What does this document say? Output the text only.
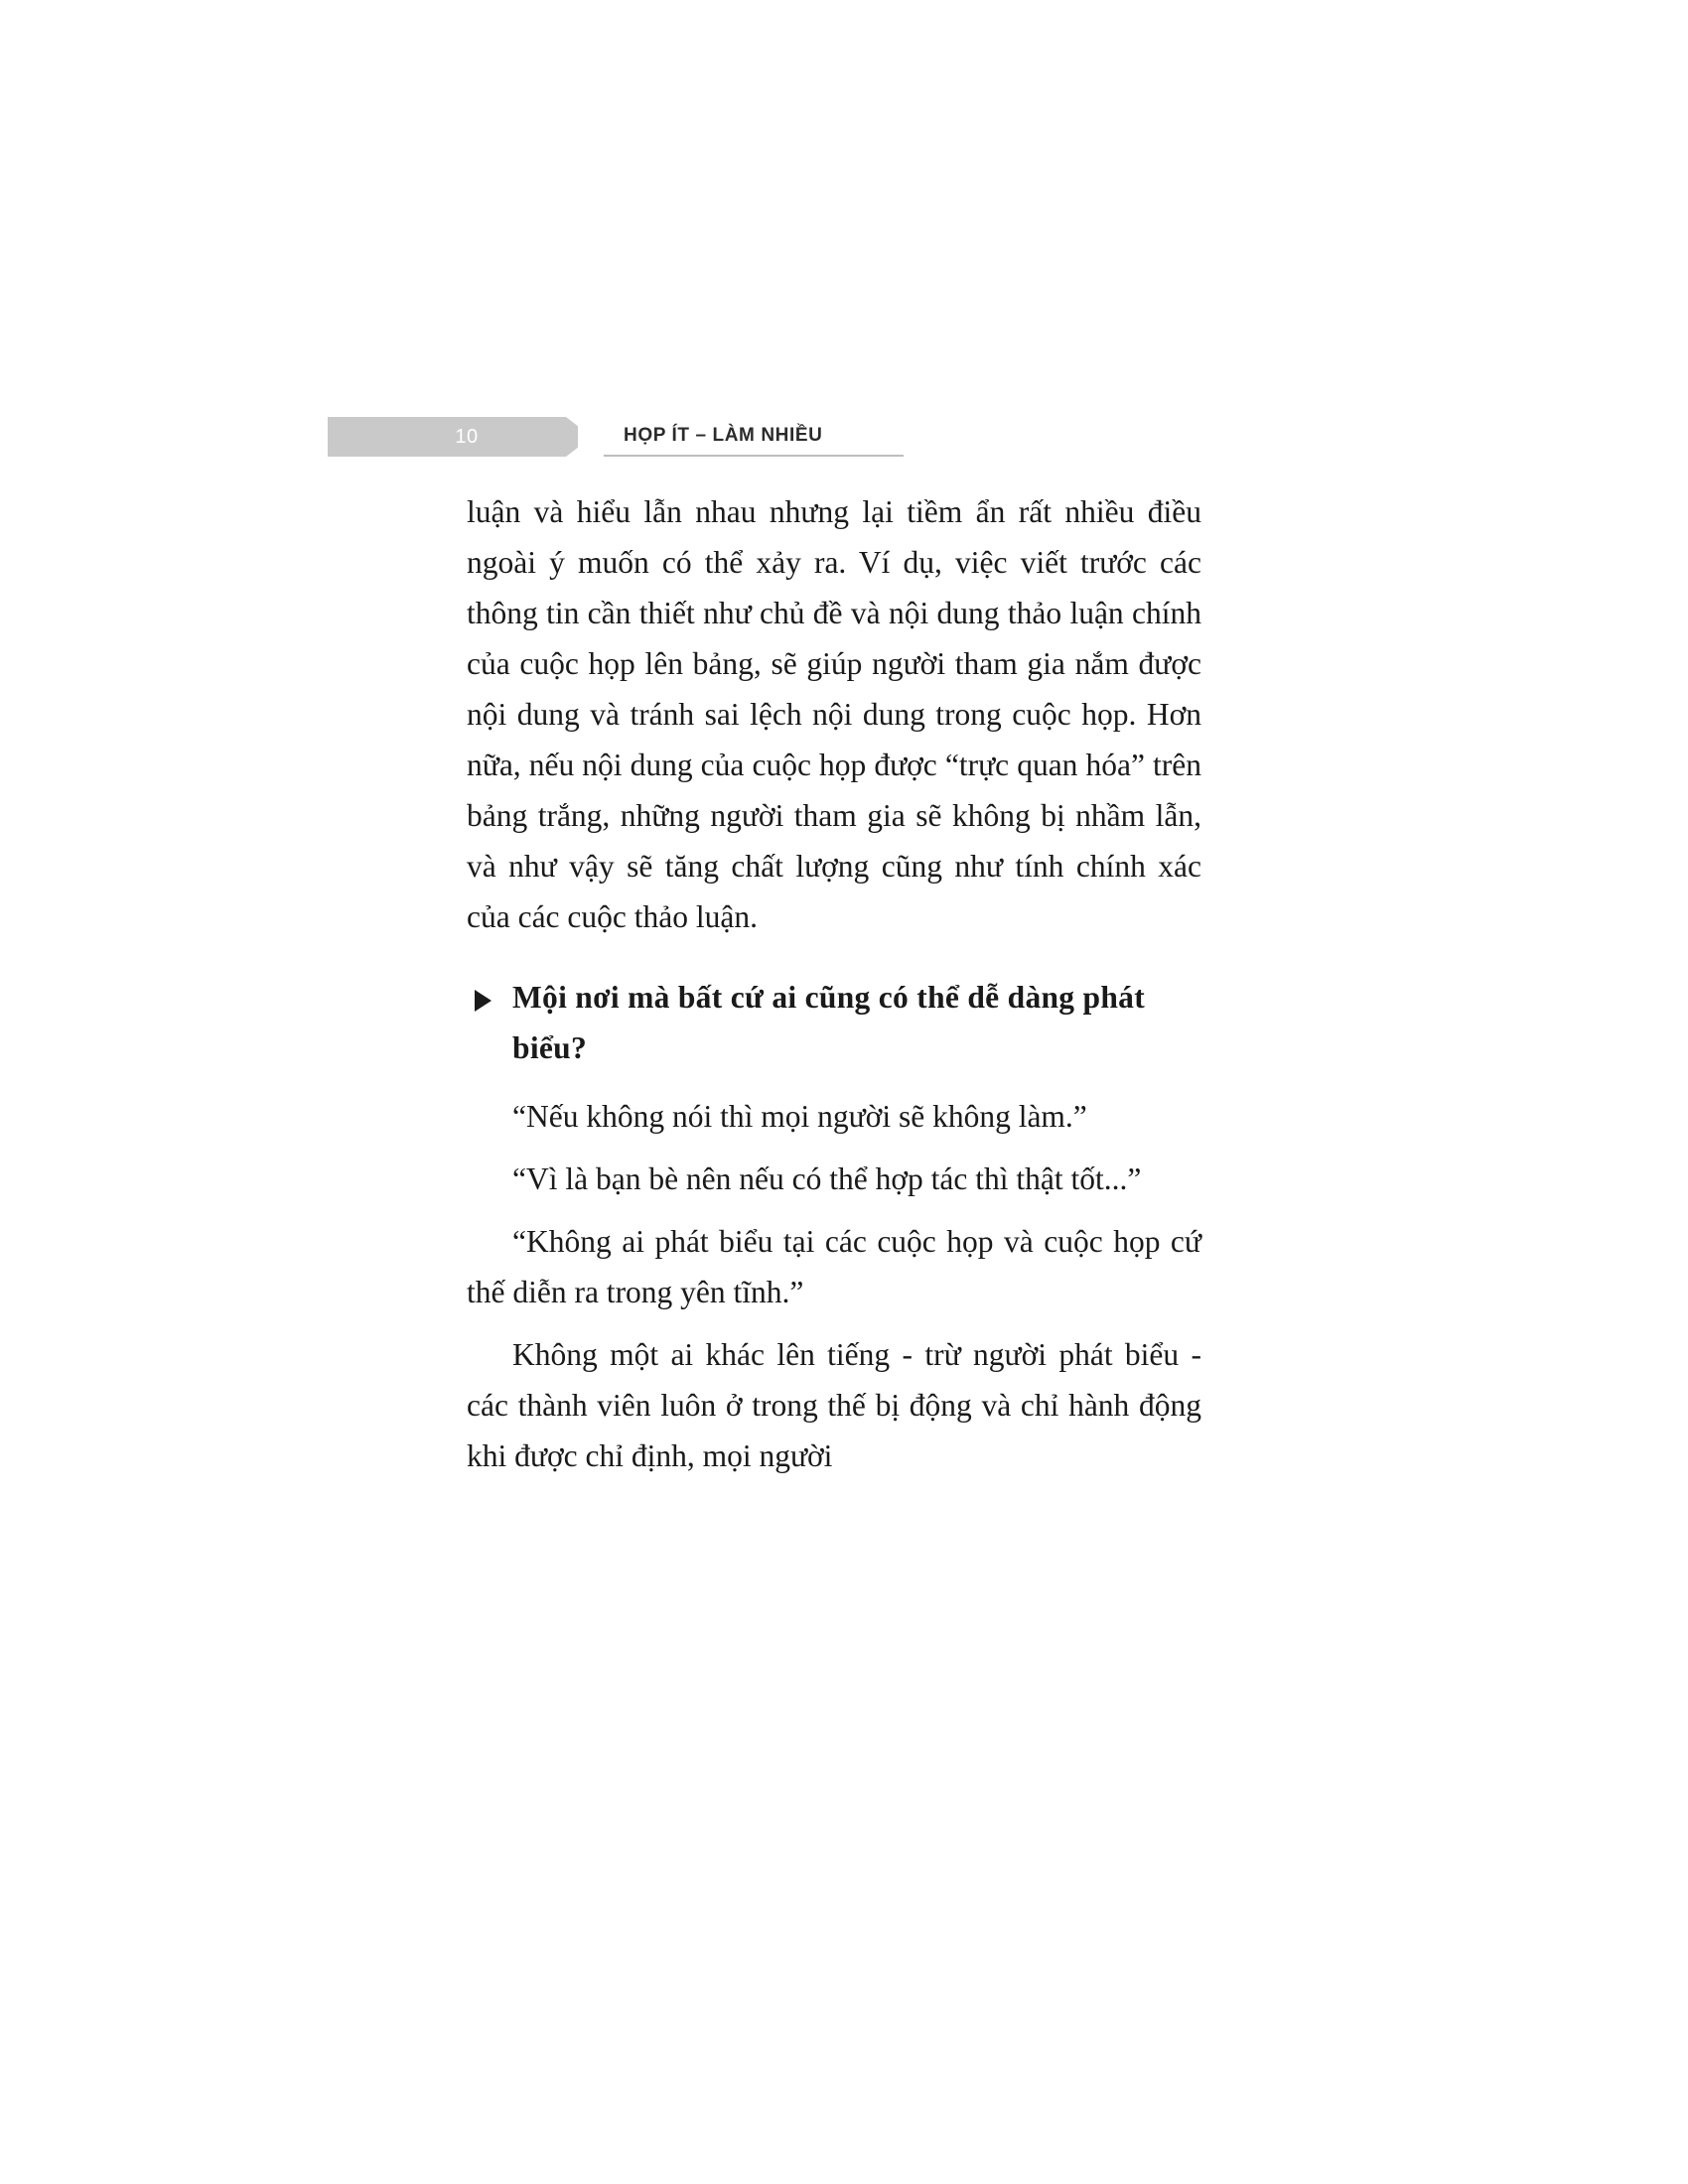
10	HỌP ÍT – LÀM NHIỀU

luận và hiểu lẫn nhau nhưng lại tiềm ẩn rất nhiều điều ngoài ý muốn có thể xảy ra. Ví dụ, việc viết trước các thông tin cần thiết như chủ đề và nội dung thảo luận chính của cuộc họp lên bảng, sẽ giúp người tham gia nắm được nội dung và tránh sai lệch nội dung trong cuộc họp. Hơn nữa, nếu nội dung của cuộc họp được “trực quan hóa” trên bảng trắng, những người tham gia sẽ không bị nhầm lẫn, và như vậy sẽ tăng chất lượng cũng như tính chính xác của các cuộc thảo luận.

Mội nơi mà bất cứ ai cũng có thể dễ dàng phát biểu?

“Nếu không nói thì mọi người sẽ không làm.”

“Vì là bạn bè nên nếu có thể hợp tác thì thật tốt...”

“Không ai phát biểu tại các cuộc họp và cuộc họp cứ thế diễn ra trong yên tĩnh.”

Không một ai khác lên tiếng - trừ người phát biểu - các thành viên luôn ở trong thế bị động và chỉ hành động khi được chỉ định, mọi người
